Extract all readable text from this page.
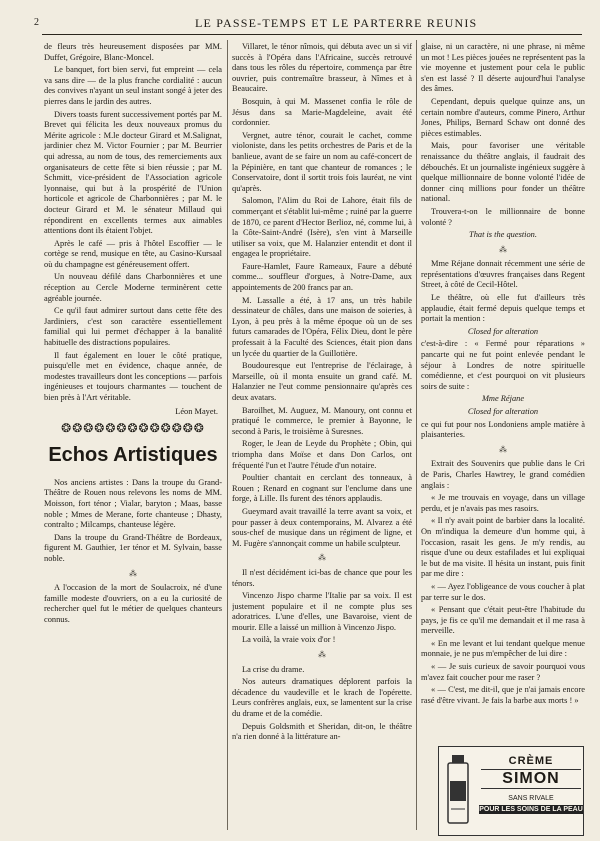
2	LE PASSE-TEMPS ET LE PARTERRE REUNIS

de fleurs très heureusement disposées par MM. Duffet, Grégoire, Blanc-Moncel.

Le banquet, fort bien servi, fut empreint — cela va sans dire — de la plus franche cordialité : aucun des convives n'ayant un seul instant songé à jeter des pierres dans le jardin des autres.

Divers toasts furent successivement portés par M. Brevet qui félicita les deux nouveaux promus du Mérite agricole : M.le docteur Girard et M.Salignat, jardinier chez M. Victor Fournier ; par M. Beurrier qui adressa, au nom de tous, des remerciements aux organisateurs de cette fête si bien réussie ; par M. Schmitt, vice-président de l'Association agricole lyonnaise, qui but à la prospérité de l'Union horticole et agricole de Charbonnières ; par M. le docteur Girard et M. le sénateur Millaud qui répondirent en excellents termes aux aimables attentions dont ils étaient l'objet.

Après le café — pris à l'hôtel Escoffier — le cortège se rend, musique en tête, au Casino-Kursaal où du champagne est généreusement offert.

Un nouveau défilé dans Charbonnières et une réception au Cercle Moderne terminèrent cette agréable journée.

Ce qu'il faut admirer surtout dans cette fête des Jardiniers, c'est son caractère essentiellement familial qui lui permet d'échapper à la banalité habituelle des distractions populaires.

Il faut également en louer le côté pratique, puisqu'elle met en évidence, chaque année, de modestes travailleurs dont les conceptions — parfois ingénieuses et toujours charmantes — touchent de bien près à l'Art véritable.

Léon Mayet.
❂❂❂❂❂❂❂❂❂❂❂❂❂
Echos Artistiques

Nos anciens artistes : Dans la troupe du Grand-Théâtre de Rouen nous relevons les noms de MM. Moisson, fort ténor ; Vialar, baryton ; Maas, basse noble ; Mmes de Merane, forte chanteuse ; Dhasty, contralto ; Milcamps, chanteuse légère.

Dans la troupe du Grand-Théâtre de Bordeaux, figurent M. Gauthier, 1er ténor et M. Sylvain, basse noble.

⁂

A l'occasion de la mort de Soulacroix, né d'une famille modeste d'ouvriers, on a eu la curiosité de rechercher quel fut le métier de quelques chanteurs connus.

Villaret, le ténor nîmois, qui débuta avec un si vif succès à l'Opéra dans l'Africaine, succès retrouvé dans tous les rôles du répertoire, commença par être ouvrier, puis contremaître brasseur, à Nîmes et à Beaucaire.

Bosquin, à qui M. Massenet confia le rôle de Jésus dans sa Marie-Magdeleine, avait été cordonnier.

Vergnet, autre ténor, courait le cachet, comme violoniste, dans les petits orchestres de Paris et de la banlieue, avant de se faire un nom au café-concert de la Pépinière, en tant que chanteur de romances ; le Conservatoire, dont il sortit trois fois lauréat, ne vint qu'après.

Salomon, l'Alim du Roi de Lahore, était fils de commerçant et s'établit lui-même ; ruiné par la guerre de 1870, ce parent d'Hector Berlioz, né, comme lui, à la Côte-Saint-André (Isère), s'en vint à Marseille utiliser sa voix, que M. Halanzier entendit et dont il engagea le propriétaire.

Faure-Hamlet, Faure Rameaux, Faure a débuté comme... souffleur d'orgues, à Notre-Dame, aux appointements de 200 francs par an.

M. Lassalle a été, à 17 ans, un très habile dessinateur de châles, dans une maison de soieries, à Lyon, à peu près à la même époque où un de ses futurs camarades de l'Opéra, Félix Dieu, dont le père professait à la Faculté des Sciences, était pion dans un lycée du quartier de la Guillotière.

Boudouresque eut l'entreprise de l'éclairage, à Marseille, où il monta ensuite un grand café. M. Halanzier ne l'eut comme pensionnaire qu'après ces deux avatars.

Baroilhet, M. Auguez, M. Manoury, ont connu et pratiqué le commerce, le premier à Bayonne, le second à Paris, le troisième à Suresnes.

Roger, le Jean de Leyde du Prophète ; Obin, qui triompha dans Moïse et dans Don Carlos, ont fréquenté l'un et l'autre l'étude d'un notaire.

Poultier chantait en cerclant des tonneaux, à Rouen ; Renard en cognant sur l'enclume dans une forge, à Lille. Ils furent des ténors applaudis.

Gueymard avait travaillé la terre avant sa voix, et pour passer à deux contemporains, M. Alvarez a été sous-chef de musique dans un régiment de ligne, et M. Fugère s'annonçait comme un habile sculpteur.

⁂

Il n'est décidément ici-bas de chance que pour les ténors.

Vincenzo Jispo charme l'Italie par sa voix. Il est justement populaire et il ne compte plus ses adoratrices. L'une d'elles, une Bavaroise, vient de mourir. Elle a laissé un million à Vincenzo Jispo.

La voilà, la vraie voix d'or !

⁂

La crise du drame.

Nos auteurs dramatiques déplorent parfois la décadence du vaudeville et le krach de l'opérette. Leurs confrères anglais, eux, se lamentent sur la crise du drame et de la comédie.

Depuis Goldsmith et Sheridan, dit-on, le théâtre n'a rien donné à la littérature an-

glaise, ni un caractère, ni une phrase, ni même un mot ! Les pièces jouées ne représentent pas la vie moyenne et justement pour cela le public s'en est lassé ? Il déserte aujourd'hui l'analyse des âmes.

Cependant, depuis quelque quinze ans, un certain nombre d'auteurs, comme Pinero, Arthur Jones, Philips, Bernard Schaw ont donné des pièces estimables.

Mais, pour favoriser une véritable renaissance du théâtre anglais, il faudrait des débouchés. Et un journaliste ingénieux suggère à quelque millionnaire de bonne volonté l'idée de donner cinq millions pour fonder un théâtre national.

Trouvera-t-on le millionnaire de bonne volonté ?

That is the question.
⁂

Mme Réjane donnait récemment une série de représentations d'œuvres françaises dans Regent Street, à côté de Cecil-Hôtel.

Le théâtre, où elle fut d'ailleurs très applaudie, était fermé depuis quelque temps et portait la mention :

Closed for alteration

c'est-à-dire : « Fermé pour réparations » pancarte qui ne fut point enlevée pendant le séjour à Londres de notre spirituelle comédienne, et c'est pourquoi on vit plusieurs soirs de suite :

Mme Réjane
Closed for alteration

ce qui fut pour nos Londoniens ample matière à plaisanteries.

⁂

Extrait des Souvenirs que publie dans le Cri de Paris, Charles Hawtrey, le grand comédien anglais :

« Je me trouvais en voyage, dans un village perdu, et je n'avais pas mes rasoirs.

« Il n'y avait point de barbier dans la localité. On m'indiqua la demeure d'un homme qui, à l'occasion, rasait les gens. Je m'y rendis, au risque d'une ou deux estafilades et lui expliquai le but de ma visite. Il hésita un instant, puis finit par me dire :

« — Ayez l'obligeance de vous coucher à plat par terre sur le dos.

« Pensant que c'était peut-être l'habitude du pays, je fis ce qu'il me demandait et il me rasa à merveille.

« En me levant et lui tendant quelque menue monnaie, je ne pus m'empêcher de lui dire :

« — Je suis curieux de savoir pourquoi vous m'avez fait coucher pour me raser ?

« — C'est, me dit-il, que je n'ai jamais encore rasé d'être vivant. Je fais la barbe aux morts ! »

CRÈME
SIMON
SANS RIVALE
POUR LES SOINS DE LA PEAU
